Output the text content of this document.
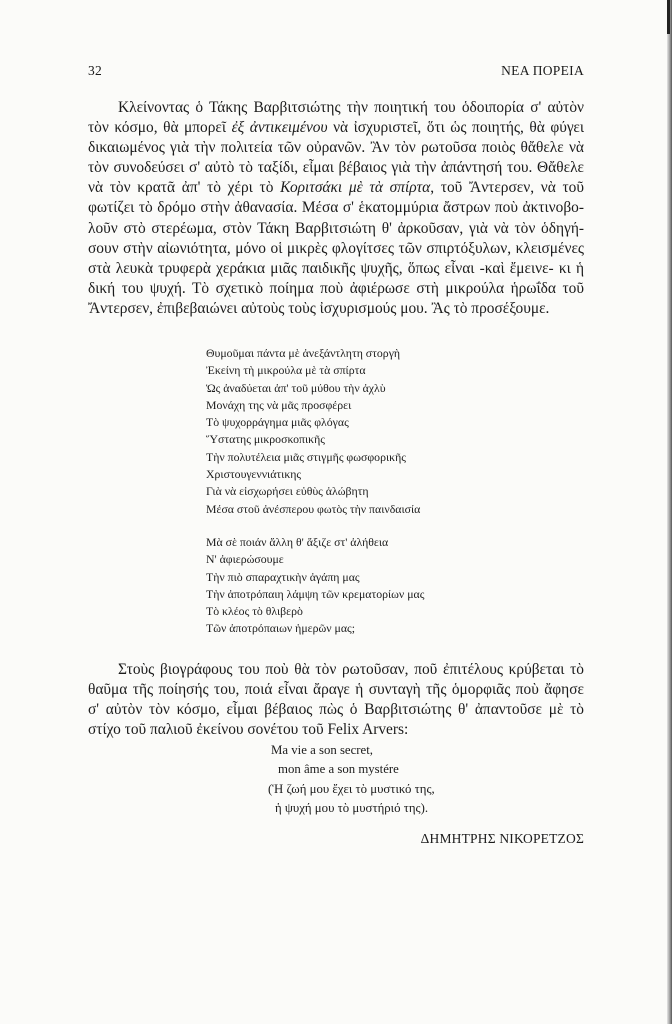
32	ΝΕΑ ΠΟΡΕΙΑ

Κλείνοντας ὁ Τάκης Βαρβιτσιώτης τὴν ποιητική του ὁδοιπορία σ' αὐτὸν
τὸν κόσμο, θὰ μπορεῖ ἐξ ἀντικειμένου νὰ ἰσχυριστεῖ, ὅτι ὡς ποιητής, θὰ φύγει
δικαιωμένος γιὰ τὴν πολιτεία τῶν οὐρανῶν. Ἂν τὸν ρωτοῦσα ποιὸς θἄθελε νὰ
τὸν συνοδεύσει σ' αὐτὸ τὸ ταξίδι, εἶμαι βέβαιος γιὰ τὴν ἀπάντησή του. Θἄθελε
νὰ τὸν κρατᾶ ἀπ' τὸ χέρι τὸ Κοριτσάκι μὲ τὰ σπίρτα, τοῦ Ἄντερσεν, νὰ τοῦ
φωτίζει τὸ δρόμο στὴν ἀθανασία. Μέσα σ' ἑκατομμύρια ἄστρων ποὺ ἀκτινοβο-
λοῦν στὸ στερέωμα, στὸν Τάκη Βαρβιτσιώτη θ' ἀρκοῦσαν, γιὰ νὰ τὸν ὁδηγή-
σουν στὴν αἰωνιότητα, μόνο οἱ μικρὲς φλογίτσες τῶν σπιρτόξυλων, κλεισμένες
στὰ λευκὰ τρυφερὰ χεράκια μιᾶς παιδικῆς ψυχῆς, ὅπως εἶναι -καὶ ἔμεινε- κι ἡ
δική του ψυχή. Τὸ σχετικὸ ποίημα ποὺ ἀφιέρωσε στὴ μικρούλα ἡρωΐδα τοῦ
Ἄντερσεν, ἐπιβεβαιώνει αὐτοὺς τοὺς ἰσχυρισμούς μου. Ἂς τὸ προσέξουμε.

Θυμοῦμαι πάντα μὲ ἀνεξάντλητη στοργὴ
Ἐκείνη τὴ μικρούλα μὲ τὰ σπίρτα
Ὡς ἀναδύεται ἀπ' τοῦ μύθου τὴν ἀχλὺ
Μονάχη της νὰ μᾶς προσφέρει
Τὸ ψυχορράγημα μιᾶς φλόγας
Ὕστατης μικροσκοπικῆς
Τὴν πολυτέλεια μιᾶς στιγμῆς φωσφορικῆς
Χριστουγεννιάτικης
Γιὰ νὰ εἰσχωρήσει εὐθὺς ἀλώβητη
Μέσα στοῦ ἀνέσπερου φωτὸς τὴν παινδαισία
Μὰ σὲ ποιάν ἄλλη θ' ἄξιζε στ' ἀλήθεια
Ν' ἀφιερώσουμε
Τὴν πιὸ σπαραχτικὴν ἀγάπη μας
Τὴν ἀποτρόπαιη λάμψη τῶν κρεματορίων μας
Τὸ κλέος τὸ θλιβερὸ
Τῶν ἀποτρόπαιων ἡμερῶν μας;

Στοὺς βιογράφους του ποὺ θὰ τὸν ρωτοῦσαν, ποῦ ἐπιτέλους κρύβεται τὸ
θαῦμα τῆς ποίησής του, ποιά εἶναι ἄραγε ἡ συνταγὴ τῆς ὁμορφιᾶς ποὺ ἄφησε
σ' αὐτὸν τὸν κόσμο, εἶμαι βέβαιος πὼς ὁ Βαρβιτσιώτης θ' ἀπαντοῦσε μὲ τὸ
στίχο τοῦ παλιοῦ ἐκείνου σονέτου τοῦ Felix Arvers:

Ma vie a son secret,
mon âme a son mystére
(Ἡ ζωή μου ἔχει τὸ μυστικό της,
ἡ ψυχή μου τὸ μυστήριό της).
ΔΗΜΗΤΡΗΣ ΝΙΚΟΡΕΤΖΟΣ
